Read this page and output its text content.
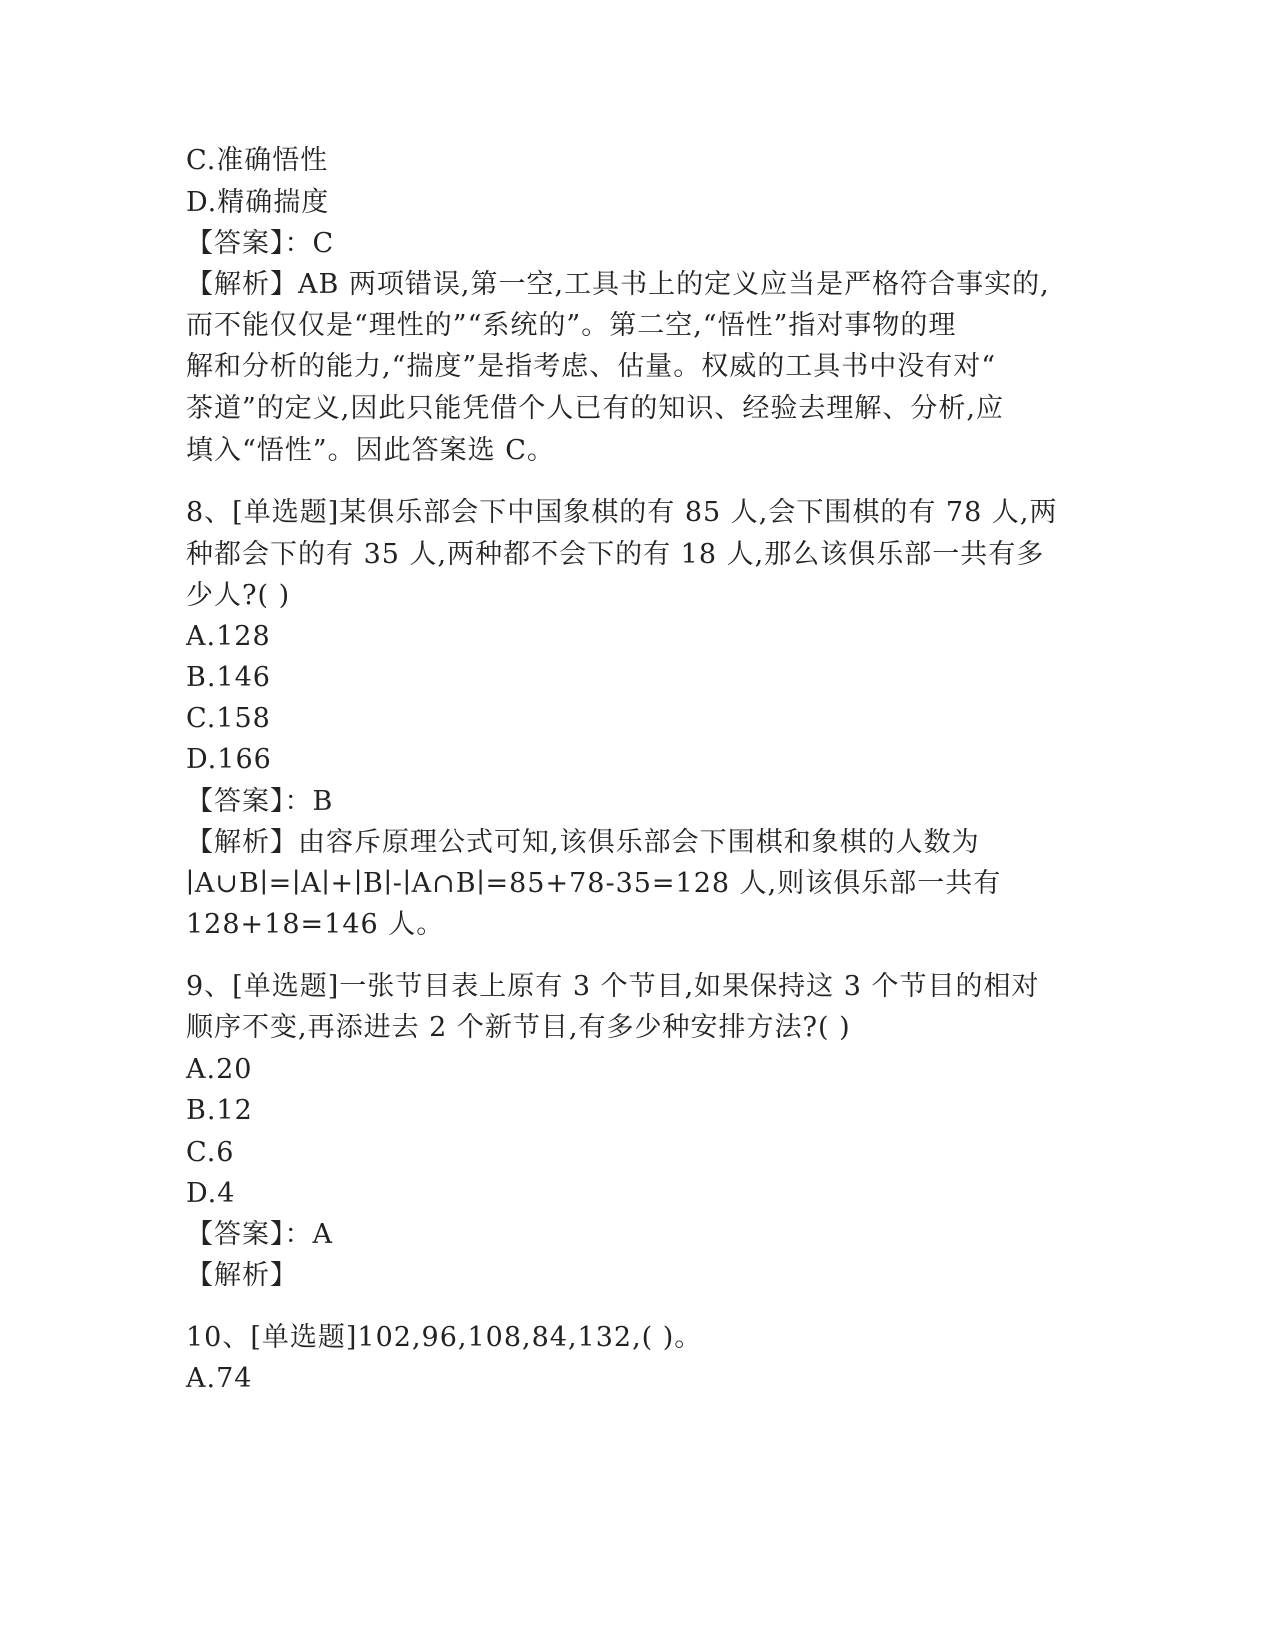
C.准确悟性
D.精确揣度
【答案】：C
【解析】AB 两项错误,第一空,工具书上的定义应当是严格符合事实的,
而不能仅仅是“理性的”“系统的”。第二空,“悟性”指对事物的理
解和分析的能力,“揣度”是指考虑、估量。权威的工具书中没有对“
茶道”的定义,因此只能凭借个人已有的知识、经验去理解、分析,应
填入“悟性”。因此答案选 C。
8、[单选题]某俱乐部会下中国象棋的有 85 人,会下围棋的有 78 人,两
种都会下的有 35 人,两种都不会下的有 18 人,那么该俱乐部一共有多
少人?( )
A.128
B.146
C.158
D.166
【答案】：B
【解析】由容斥原理公式可知,该俱乐部会下围棋和象棋的人数为
∣A∪B∣=∣A∣+∣B∣-∣A∩B∣=85+78-35=128 人,则该俱乐部一共有
128+18=146 人。
9、[单选题]一张节目表上原有 3 个节目,如果保持这 3 个节目的相对
顺序不变,再添进去 2 个新节目,有多少种安排方法?( )
A.20
B.12
C.6
D.4
【答案】：A
【解析】
10、[单选题]102,96,108,84,132,( )。
A.74
